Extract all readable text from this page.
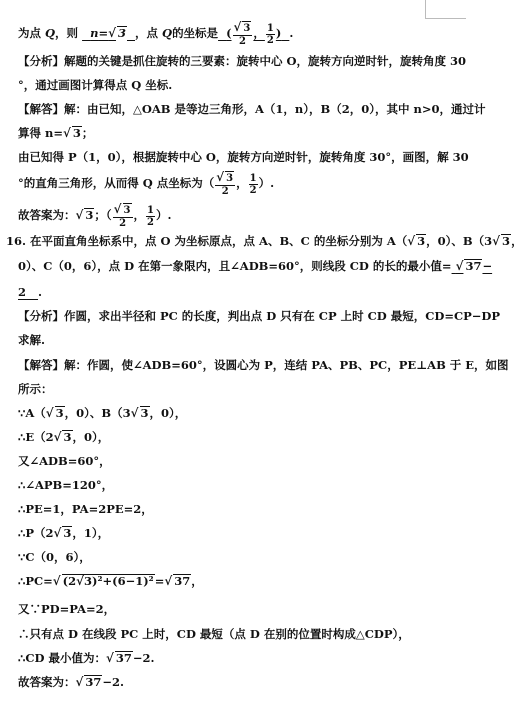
为点 Q，则   n=√ 3 ，点 Q的坐标是 ( $\frac{√ 3}{2}$ ， $\frac{1}{2}$ ) .
【分析】解题的关键是抓住旋转的三要素：旋转中心 O，旋转方向逆时针，旋转角度 30
°，通过画图计算得点 Q 坐标.
【解答】解：由已知，△OAB 是等边三角形，A（1，n），B（2，0），其中 n>0，通过计
算得 n=√ 3；
由已知得 P（1，0），根据旋转中心 O，旋转方向逆时针，旋转角度 30°，画图，解 30
°的直角三角形，从而得 Q 点坐标为（ $\frac{√ 3}{2}$ ， $\frac{1}{2}$ ）.
故答案为：√ 3；（ $\frac{√ 3}{2}$ ， $\frac{1}{2}$ ）.
16. 在平面直角坐标系中，点 O 为坐标原点，点 A、B、C 的坐标分别为 A（√ 3，0）、B（3√ 3，
0）、C（0，6），点 D 在第一象限内，且∠ADB=60°，则线段 CD 的长的最小值= √ 37−
2 .
【分析】作圆，求出半径和 PC 的长度，判出点 D 只有在 CP 上时 CD 最短，CD=CP−DP
求解.
【解答】解：作圆，使∠ADB=60°，设圆心为 P，连结 PA、PB、PC，PE⊥AB 于 E，如图
所示：
∵A（√ 3，0）、B（3√ 3，0），
∴E（2√ 3，0），
又∠ADB=60°，
∴∠APB=120°，
∴PE=1，PA=2PE=2，
∴P（2√ 3，1），
∵C（0，6），
∴PC=√ (2√3)²+(6−1)²=√ 37，
又∵PD=PA=2，
∴只有点 D 在线段 PC 上时，CD 最短（点 D 在别的位置时构成△CDP），
∴CD 最小值为：√ 37−2.
故答案为：√ 37−2.
